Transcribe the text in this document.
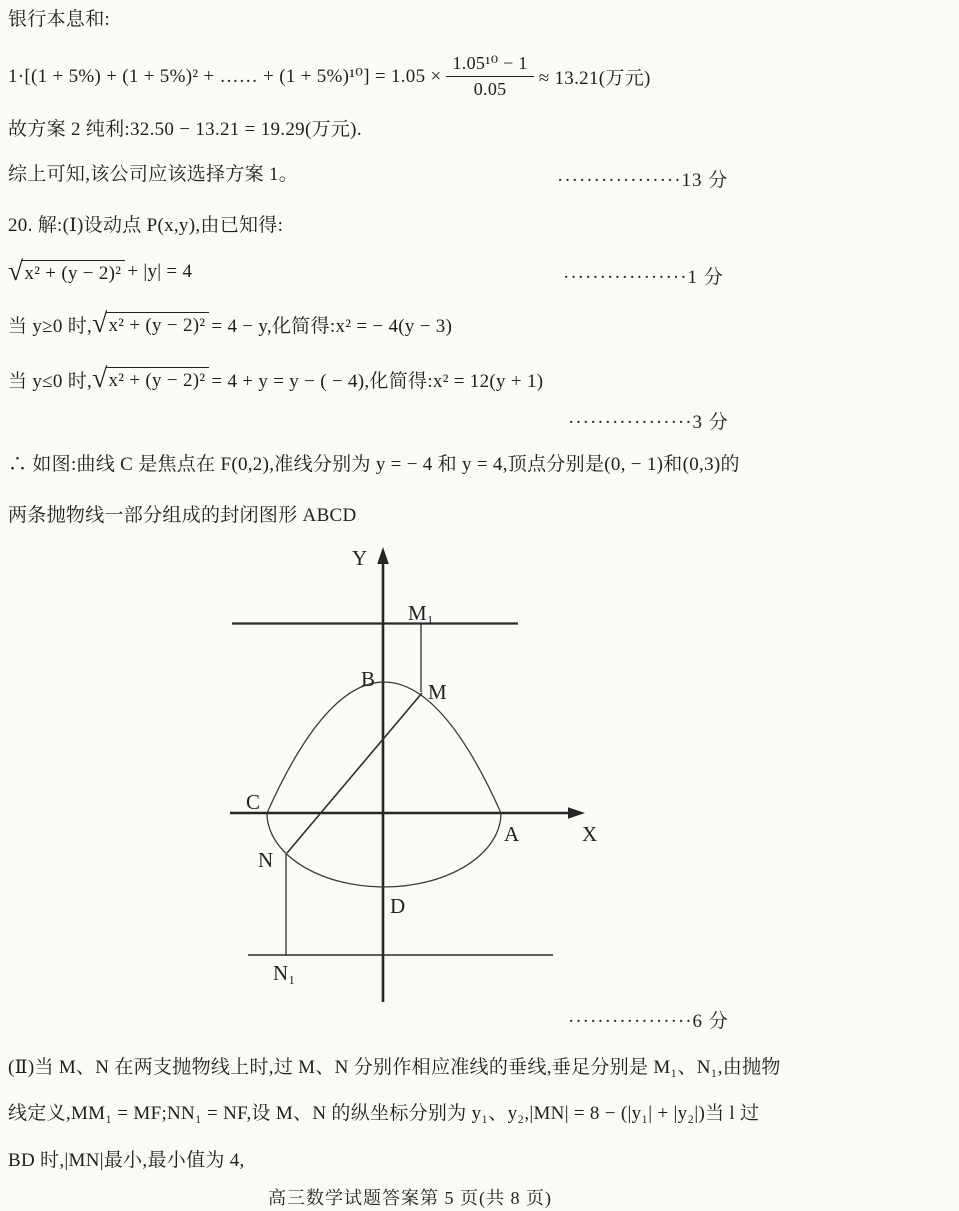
银行本息和:
1·[(1 + 5%) + (1 + 5%)² + …… + $(1 + 5\%)^{10}] = 1.05 \times \frac{\text{1.05¹⁰ − 1}}{0.05} \approx 13.21$(万元)
故方案 2 纯利:32.50 − 13.21 = 19.29(万元).
综上可知,该公司应该选择方案 1。	·················13 分
20. 解:(Ⅰ)设动点 P(x,y),由已知得:
√ x² + (y − 2)² + |y| = 4	·················1 分
当 y≥0 时, √ x² + (y − 2)² = 4 − y,化简得:x² = − 4(y − 3)
当 y≤0 时, √ x² + (y − 2)² = 4 + y = y − ( − 4),化简得:x² = 12(y + 1)
·················3 分
∴ 如图:曲线 C 是焦点在 F(0,2),准线分别为 y = − 4 和 y = 4,顶点分别是(0, − 1)和(0,3)的
两条抛物线一部分组成的封闭图形 ABCD
Y
X
M₁
B
M
C
A
N
D
N₁
·················6 分
(Ⅱ)当 M、N 在两支抛物线上时,过 M、N 分别作相应准线的垂线,垂足分别是 M₁、N₁,由抛物
线定义,MM₁ = MF;NN₁ = NF,设 M、N 的纵坐标分别为 y₁、y₂,|MN| = 8 − (|y₁| + |y₂|)当 l 过
BD 时,|MN|最小,最小值为 4,
高三数学试题答案第 5 页(共 8 页)
